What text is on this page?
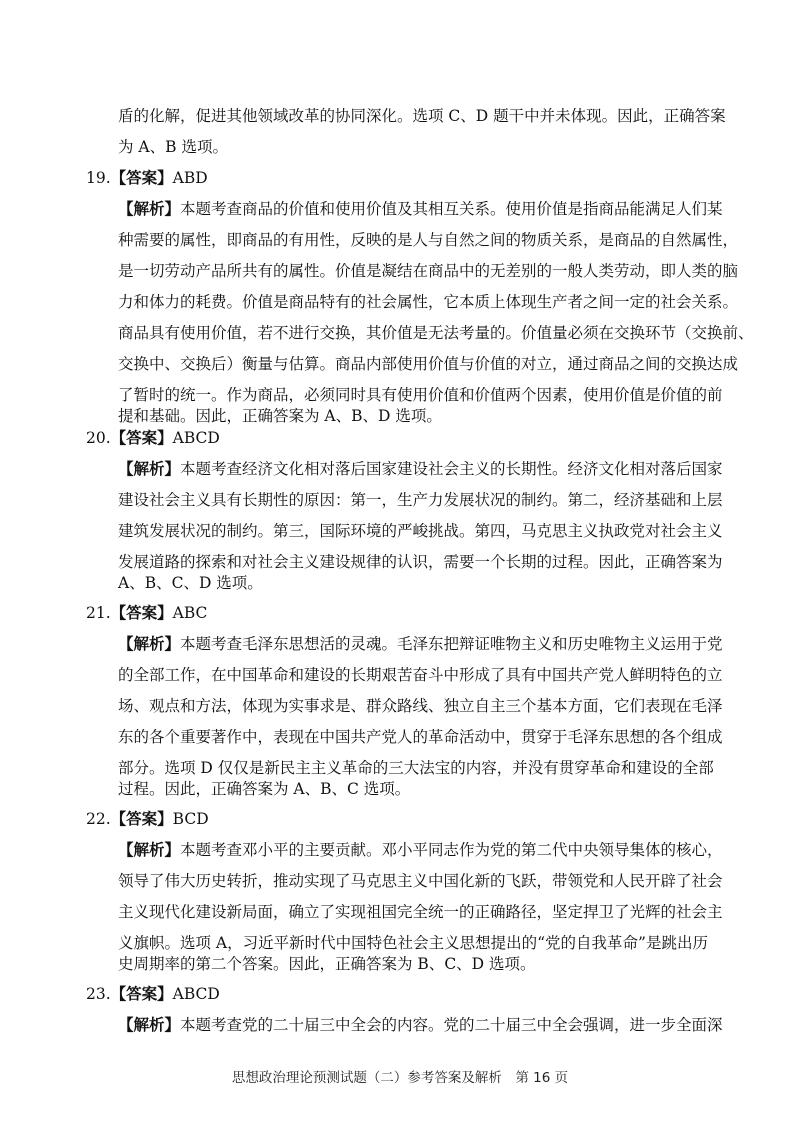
盾的化解，促进其他领域改革的协同深化。选项 C、D 题干中并未体现。因此，正确答案
为 A、B 选项。
19.【答案】ABD
【解析】本题考查商品的价值和使用价值及其相互关系。使用价值是指商品能满足人们某
种需要的属性，即商品的有用性，反映的是人与自然之间的物质关系，是商品的自然属性，
是一切劳动产品所共有的属性。价值是凝结在商品中的无差别的一般人类劳动，即人类的脑
力和体力的耗费。价值是商品特有的社会属性，它本质上体现生产者之间一定的社会关系。
商品具有使用价值，若不进行交换，其价值是无法考量的。价值量必须在交换环节（交换前、
交换中、交换后）衡量与估算。商品内部使用价值与价值的对立，通过商品之间的交换达成
了暂时的统一。作为商品，必须同时具有使用价值和价值两个因素，使用价值是价值的前
提和基础。因此，正确答案为 A、B、D 选项。
20.【答案】ABCD
【解析】本题考查经济文化相对落后国家建设社会主义的长期性。经济文化相对落后国家
建设社会主义具有长期性的原因：第一，生产力发展状况的制约。第二，经济基础和上层
建筑发展状况的制约。第三，国际环境的严峻挑战。第四，马克思主义执政党对社会主义
发展道路的探索和对社会主义建设规律的认识，需要一个长期的过程。因此，正确答案为
A、B、C、D 选项。
21.【答案】ABC
【解析】本题考查毛泽东思想活的灵魂。毛泽东把辩证唯物主义和历史唯物主义运用于党
的全部工作，在中国革命和建设的长期艰苦奋斗中形成了具有中国共产党人鲜明特色的立
场、观点和方法，体现为实事求是、群众路线、独立自主三个基本方面，它们表现在毛泽
东的各个重要著作中，表现在中国共产党人的革命活动中，贯穿于毛泽东思想的各个组成
部分。选项 D 仅仅是新民主主义革命的三大法宝的内容，并没有贯穿革命和建设的全部
过程。因此，正确答案为 A、B、C 选项。
22.【答案】BCD
【解析】本题考查邓小平的主要贡献。邓小平同志作为党的第二代中央领导集体的核心，
领导了伟大历史转折，推动实现了马克思主义中国化新的飞跃，带领党和人民开辟了社会
主义现代化建设新局面，确立了实现祖国完全统一的正确路径，坚定捍卫了光辉的社会主
义旗帜。选项 A，习近平新时代中国特色社会主义思想提出的“党的自我革命”是跳出历
史周期率的第二个答案。因此，正确答案为 B、C、D 选项。
23.【答案】ABCD
【解析】本题考查党的二十届三中全会的内容。党的二十届三中全会强调，进一步全面深
思想政治理论预测试题（二）参考答案及解析　第 16 页
